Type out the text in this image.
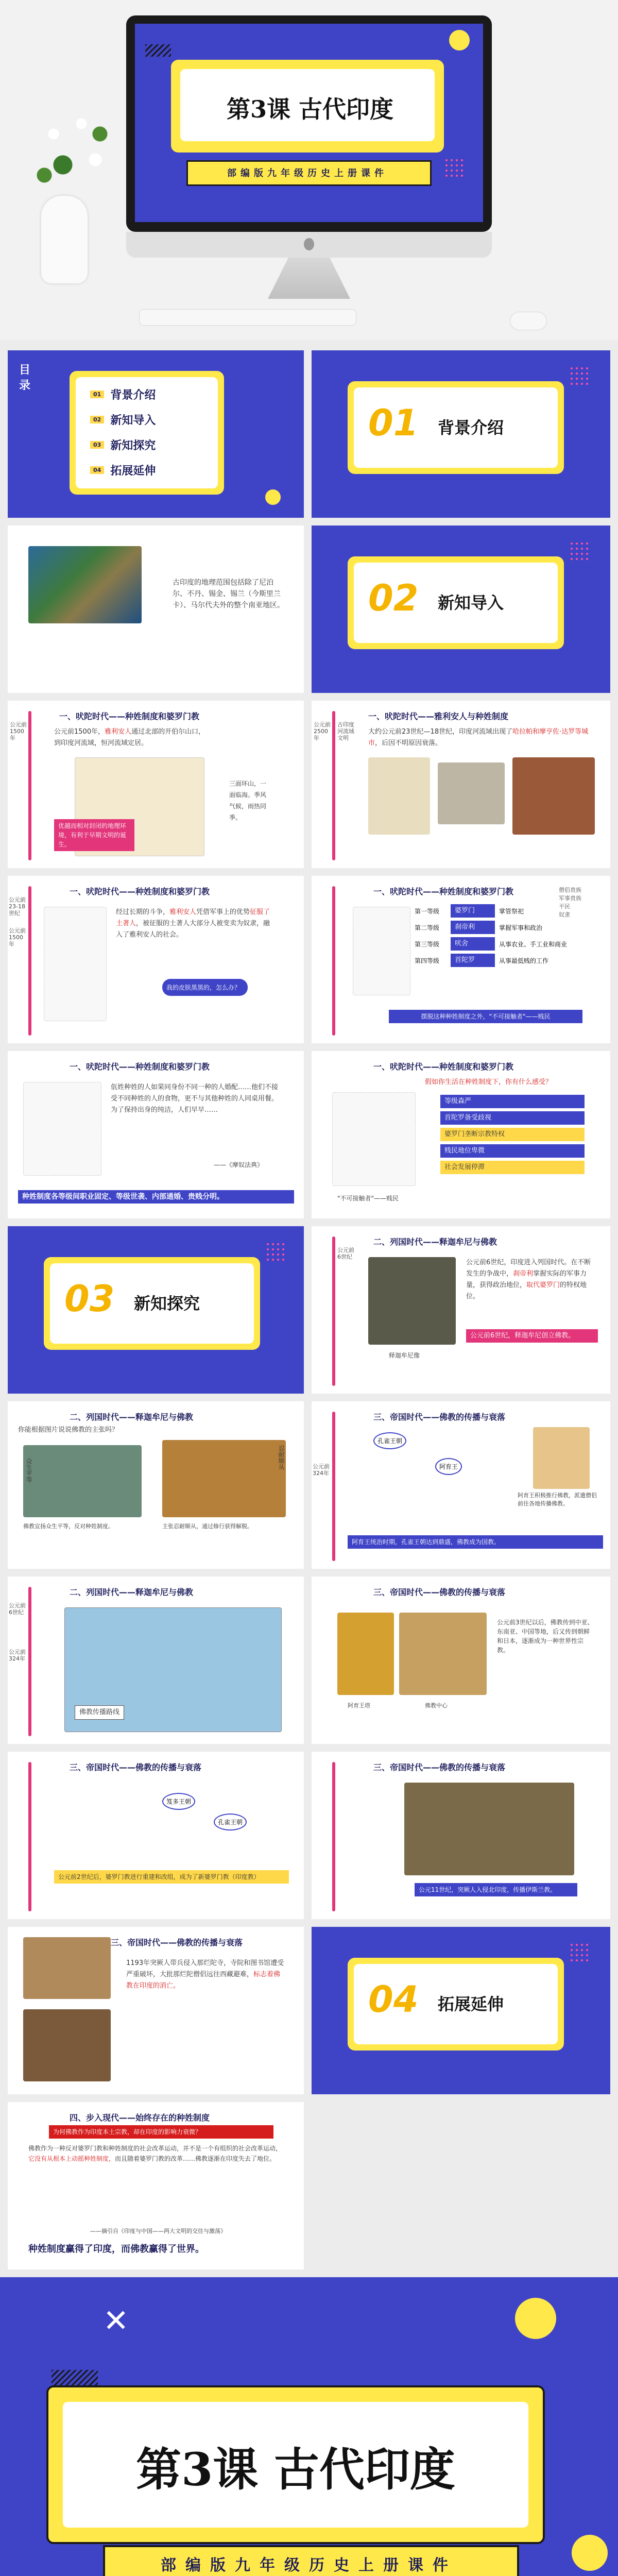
第3课 古代印度
部编版九年级历史上册课件
目录
01 背景介绍
02 新知导入
03 新知探究
04 拓展延伸
01 背景介绍
古印度的地理范围包括除了尼泊尔、不丹、锡金、锡兰（今斯里兰卡）、马尔代夫外的整个南亚地区。 02 新知导入
公元前1500年
一、吠陀时代——种姓制度和婆罗门教
公元前1500年，雅利安人通过北部的开伯尔山口，到印度河流域，恒河流域定居。
优越而相对封闭的地理环境，有利于早期文明的诞生。
三面环山，一面临海。季风气候，雨热同季。
公元前2500年
古印度河流域文明
一、吠陀时代——雅利安人与种姓制度
大约公元前23世纪—18世纪，印度河流域出现了哈拉帕和摩亨佐·达罗等城市，后因不明原因衰落。
公元前23-18世纪
公元前1500年
一、吠陀时代——种姓制度和婆罗门教
经过长期的斗争，雅利安人凭借军事上的优势征服了土著人，被征服的土著人大部分人被变卖为奴隶，融入了雅利安人的社会。
我的皮肤黑黑的，怎么办？
一、吠陀时代——种姓制度和婆罗门教
第一等级	婆罗门	掌管祭祀
第二等级	刹帝利	掌握军事和政治
第三等级	吠舍	从事农业、手工业和商业
第四等级	首陀罗	从事最低贱的工作
僧侣贵族
军事贵族
平民
奴隶
摆脱这种种姓制度之外，"不可接触者"——贱民
一、吠陀时代——种姓制度和婆罗门教
佤姓种姓的人如果同身份不同一种的人婚配……他们不接受不同种姓的人的食物，更不与其他种姓的人同桌用餐。为了保持出身的纯洁，人们早早……
——《摩奴法典》
种姓制度各等级间职业固定、等级世袭、内部通婚、贵贱分明。
一、吠陀时代——种姓制度和婆罗门教
假如你生活在种姓制度下，你有什么感受？
等级森严
首陀罗备受歧视
婆罗门垄断宗教特权
贱民地位卑微
社会发展停滞
"不可接触者"——贱民
03 新知探究
公元前6世纪
二、列国时代——释迦牟尼与佛教
释迦牟尼像
公元前6世纪，印度进入列国时代。在不断发生的争战中，刹帝利掌握实际的军事力量，获得政治地位，取代婆罗门的特权地位。
公元前6世纪，释迦牟尼创立佛教。
二、列国时代——释迦牟尼与佛教
你能根据图片说说佛教的主张吗？
众生平等
忍耐顺从
佛教宣扬众生平等，反对种姓制度。	主张忍耐顺从，通过修行获得解脱。
公元前324年
三、帝国时代——佛教的传播与衰落
孔雀王朝
阿育王
阿育王积极推行佛教，派遣僧侣前往各地传播佛教。
阿育王统治时期，孔雀王朝达到鼎盛，佛教成为国教。
公元前6世纪
公元前324年
二、列国时代——释迦牟尼与佛教
佛教传播路线
三、帝国时代——佛教的传播与衰落
阿育王塔	佛教中心
公元前3世纪以后，佛教传到中亚、东南亚、中国等地，后又传到朝鲜和日本，逐渐成为一种世界性宗教。
三、帝国时代——佛教的传播与衰落
笈多王朝
孔雀王朝
公元前2世纪后，婆罗门教进行重建和改组，成为了新婆罗门教（印度教）
三、帝国时代——佛教的传播与衰落
公元11世纪，突厥人入侵北印度，传播伊斯兰教。
三、帝国时代——佛教的传播与衰落
1193年突厥人带兵侵入那烂陀寺，寺院和图书馆遭受严重破坏，大批那烂陀僧侣远往西藏避难，标志着佛教在印度的消亡。	04 拓展延伸
四、步入现代——始终存在的种姓制度
为何佛教作为印度本土宗教，却在印度的影响力衰微？
佛教作为一种反对婆罗门教和种姓制度的社会改革运动，并不是一个有组织的社会改革运动，它没有从根本上动摇种姓制度，而且随着婆罗门教的改革……佛教逐渐在印度失去了地位。
——摘引自《印度与中国——两大文明的交往与激荡》
种姓制度赢得了印度，而佛教赢得了世界。
✕
第3课 古代印度
部编版九年级历史上册课件
